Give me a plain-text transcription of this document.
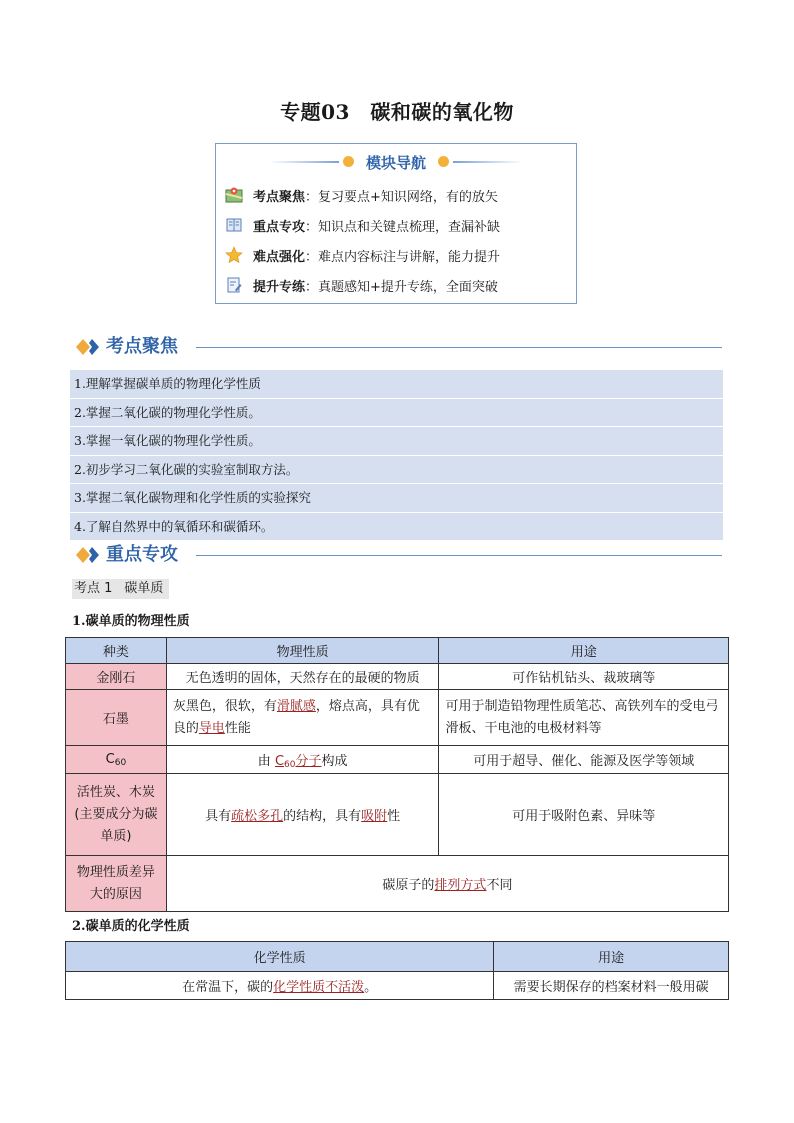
专题03　碳和碳的氧化物
模块导航
考点聚焦 ： 复习要点+知识网络，有的放矢
重点专攻 ： 知识点和关键点梳理，查漏补缺
难点强化 ： 难点内容标注与讲解，能力提升
提升专练 ： 真题感知+提升专练，全面突破
考点聚焦
1.理解掌握碳单质的物理化学性质
2.掌握二氧化碳的物理化学性质。
3.掌握一氧化碳的物理化学性质。
2.初步学习二氧化碳的实验室制取方法。
3.掌握二氧化碳物理和化学性质的实验探究
4.了解自然界中的氧循环和碳循环。
重点专攻
考点 1 碳单质
1.碳单质的物理性质
种类	物理性质	用途
金刚石	无色透明的固体，天然存在的最硬的物质	可作钻机钻头、裁玻璃等
石墨	灰黑色，很软，有滑腻感，熔点高，具有优良的导电性能	可用于制造铅物理性质笔芯、高铁列车的受电弓滑板、干电池的电极材料等
$C_{60}$	由 $C_{60}$分子构成	可用于超导、催化、能源及医学等领域
活性炭、木炭(主要成分为碳单质)	具有疏松多孔的结构，具有吸附性	可用于吸附色素、异味等
物理性质差异大的原因	碳原子的排列方式不同	
2.碳单质的化学性质
化学性质	用途
在常温下，碳的化学性质不活泼。	需要长期保存的档案材料一般用碳
